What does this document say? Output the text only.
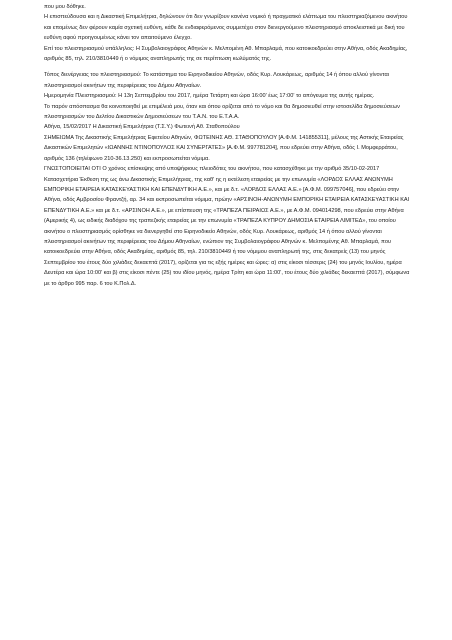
που μου δόθηκε.

Η επισπεύδουσα και η Δικαστική Επιμελήτρια, δηλώνουν ότι δεν γνωρίζουν κανένα νομικό ή πραγματικό ελάττωμα του πλειστηριαζόμενου ακινήτου και επομένως δεν φέρουν καμία σχετική ευθύνη, κάθε δε ενδιαφερόμενος συμμετέχει στον διενεργούμενο πλειστηριασμό αποκλειστικά με δική του ευθύνη αφού προηγουμένως κάνει τον απαιτούμενο έλεγχο.

Επί του πλειστηριασμού υπάλληλος: Η Συμβολαιογράφος Αθηνών κ. Μελπομένη Αθ. Μπαρλαμά, που κατοικοεδρεύει στην Αθήνα, οδός Ακαδημίας, αριθμός 85, τηλ. 210/3810449 ή ο νόμιμος αναπληρωτής της σε περίπτωση κωλύματός της.

Τόπος διενέργειας του πλειστηριασμού: Το κατάστημα του Ειρηνοδικείου Αθηνών, οδός Κυρ. Λουκάρεως, αριθμός 14 ή όπου αλλού γίνονται πλειστηριασμοί ακινήτων της περιφέρειας του Δήμου Αθηναίων.

Ημερομηνία Πλειστηριασμού: Η 13η Σεπτεμβρίου του 2017, ημέρα Τετάρτη και ώρα 16:00' έως 17:00' το απόγευμα της αυτής ημέρας.

Το παρόν απόσπασμα θα κοινοποιηθεί με επιμέλειά μου, όταν και όπου ορίζεται από το νόμο και θα δημοσιευθεί στην ιστοσελίδα δημοσιεύσεων πλειστηριασμών του Δελτίου Δικαστικών Δημοσιεύσεων του Τ.Α.Ν. του Ε.Τ.Α.Α.

Αθήνα, 15/02/2017 Η Δικαστική Επιμελήτρια (Τ.Σ.Υ.) Φωτεινή Αθ. Σταθοπούλου

ΣΗΜΕΙΩΜΑ Της Δικαστικής Επιμελήτριας Εφετείου Αθηνών, ΦΩΤΕΙΝΗΣ ΑΘ. ΣΤΑΘΟΠΟΥΛΟΥ [Α.Φ.Μ. 141855311], μέλους της Αστικής Εταιρείας Δικαστικών Επιμελητών «ΙΩΑΝΝΗΣ ΝΤΙΝΟΠΟΥΛΟΣ ΚΑΙ ΣΥΝΕΡΓΑΤΕΣ» [Α.Φ.Μ. 997781204], που εδρεύει στην Αθήνα, οδός Ι. Μομφερράτου, αριθμός 136 (τηλέφωνο 210-36.13.250) και εκπροσωπείται νόμιμα.

ΓΝΩΣΤΟΠΟΙΕΙΤΑΙ ΟΤΙ Ο χρόνος επίσκεψης από υποψήφιους πλειοδότες του ακινήτου, που κατασχέθηκε με την αριθμό 35/10-02-2017 Κατασχετήρια Έκθεση της ως άνω Δικαστικής Επιμελήτριας, της καθ' ης η εκτέλεση εταιρείας με την επωνυμία «ΛΟΡΔΟΣ ΕΛΛΑΣ ΑΝΩΝΥΜΗ ΕΜΠΟΡΙΚΗ ΕΤΑΙΡΕΙΑ ΚΑΤΑΣΚΕΥΑΣΤΙΚΗ ΚΑΙ ΕΠΕΝΔΥΤΙΚΗ Α.Ε.», και με δ.τ. «ΛΟΡΔΟΣ ΕΛΛΑΣ Α.Ε.» [Α.Φ.Μ. 099757046], που εδρεύει στην Αθήνα, οδός Αμβροσίου Φραντζή, αρ. 34 και εκπροσωπείται νόμιμα, πρώην «ΑΡΣΙΝΟΗ-ΑΝΩΝΥΜΗ ΕΜΠΟΡΙΚΗ ΕΤΑΙΡΕΙΑ ΚΑΤΑΣΚΕΥΑΣΤΙΚΗ ΚΑΙ ΕΠΕΝΔΥΤΙΚΗ Α.Ε.» και με δ.τ. «ΑΡΣΙΝΟΗ Α.Ε.», με επίσπευση της «ΤΡΑΠΕΖΑ ΠΕΙΡΑΙΩΣ Α.Ε.», με Α.Φ.Μ. 094014298, που εδρεύει στην Αθήνα (Αμερικής 4), ως ειδικής διαδόχου της τραπεζικής εταιρείας με την επωνυμία «ΤΡΑΠΕΖΑ ΚΥΠΡΟΥ ΔΗΜΟΣΙΑ ΕΤΑΙΡΕΙΑ ΛΙΜΙΤΕΔ», του οποίου ακινήτου ο πλειστηριασμός ορίσθηκε να διενεργηθεί στο Ειρηνοδικείο Αθηνών, οδός Κυρ. Λουκάρεως, αριθμός 14 ή όπου αλλού γίνονται πλειστηριασμοί ακινήτων της περιφέρειας του Δήμου Αθηναίων, ενώπιον της Συμβολαιογράφου Αθηνών κ. Μελπομένης Αθ. Μπαρλαμά, που κατοικοεδρεύει στην Αθήνα, οδός Ακαδημίας, αριθμός 85, τηλ. 210/3810449 ή του νόμιμου αναπληρωτή της, στις δεκατρείς (13) του μηνός Σεπτεμβρίου του έτους δύο χιλιάδες δεκαεπτά (2017), ορίζεται για τις εξής ημέρες και ώρες: α) στις είκοσι τέσσερις (24) του μηνός Ιουλίου, ημέρα Δευτέρα και ώρα 10:00' και β) στις είκοσι πέντε (25) του ιδίου μηνός, ημέρα Τρίτη και ώρα 11:00', του έτους δύο χιλιάδες δεκαεπτά (2017), σύμφωνα με το άρθρο 995 παρ. 6 του Κ.Πολ.Δ.
